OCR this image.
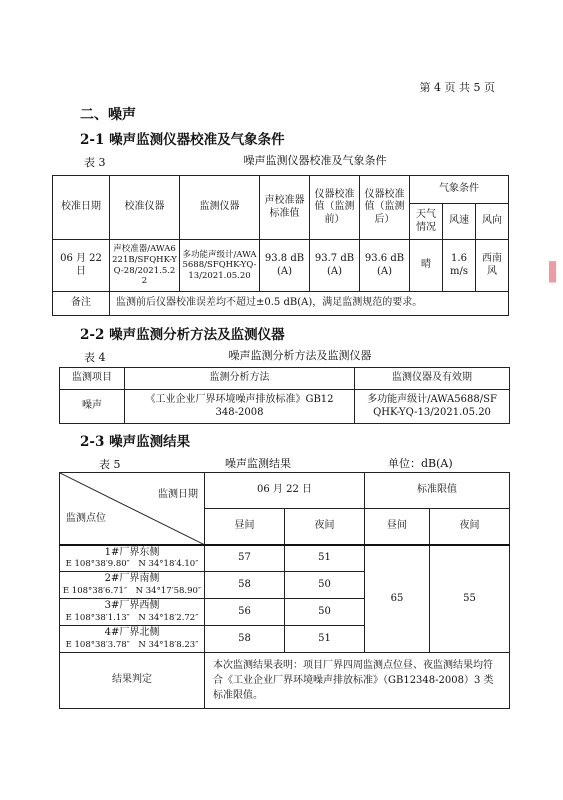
第 4 页 共 5 页
二、噪声
2-1 噪声监测仪器校准及气象条件
表 3	噪声监测仪器校准及气象条件
校准日期	校准仪器	监测仪器	声校准器标准值	仪器校准值（监测前）	仪器校准值（监测后）	气象条件		
						天气情况	风速	风向
06 月 22 日	声校准器/AWA6221B/SFQHK-YQ-28/2021.5.22	多功能声级计/AWA5688/SFQHK-YQ-13/2021.05.20	93.8 dB(A)	93.7 dB(A)	93.6 dB(A)	晴	1.6 m/s	西南风
备注	监测前后仪器校准误差均不超过±0.5 dB(A)，满足监测规范的要求。							
2-2 噪声监测分析方法及监测仪器
表 4	噪声监测分析方法及监测仪器
监测项目	监测分析方法	监测仪器及有效期
噪声	《工业企业厂界环境噪声排放标准》GB12348-2008	多功能声级计/AWA5688/SFQHK-YQ-13/2021.05.20
2-3 噪声监测结果
表 5	噪声监测结果	单位：dB(A)
监测日期
监测点位	06 月 22 日		标准限值	
	昼间	夜间	昼间	夜间

1#厂界东侧
E 108°38′9.80″　N 34°18′4.10″	57	51	65	55

2#厂界南侧
E 108°38′6.71″　N 34°17′58.90″	58	50		

3#厂界西侧
E 108°38′1.13″　N 34°18′2.72″	56	50		

4#厂界北侧
E 108°38′3.78″　N 34°18′8.23″	58	51		
结果判定	本次监测结果表明：项目厂界四周监测点位昼、夜监测结果均符合《工业企业厂界环境噪声排放标准》（GB12348-2008）3 类标准限值。			
▌
